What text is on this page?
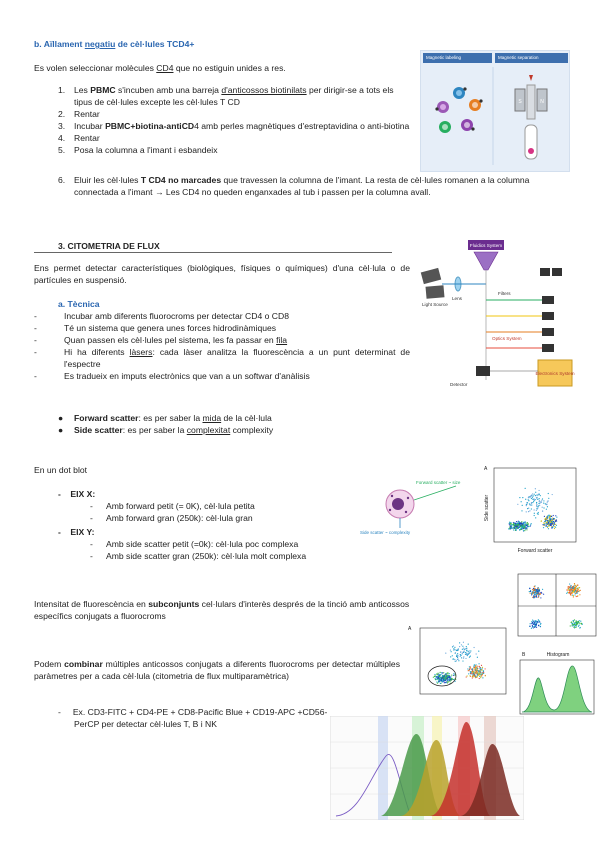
b. Aïllament negatiu de cèl·lules TCD4+
Es volen seleccionar molècules CD4 que no estiguin unides a res.
1. Les PBMC s'incuben amb una barreja d'anticossos biotinilats per dirigir-se a tots els tipus de cèl·lules excepte les cèl·lules T CD
2. Rentar
3. Incubar PBMC+biotina-antiCD4 amb perles magnètiques d'estreptavidina o anti-biotina
4. Rentar
5. Posa la columna a l'imant i esbandeix
6. Eluir les cèl·lules T CD4 no marcades que travessen la columna de l'imant. La resta de cèl·lules romanen a la columna connectada a l'imant → Les CD4 no queden enganxades al tub i passen per la columna avall.
Magnetic labeling	Magnetic separation
S	N
3. CITOMETRIA DE FLUX
Ens permet detectar característiques (biològiques, físiques o químiques) d'una cèl·lula o de partícules en suspensió.
a. Tècnica
-	Incubar amb diferents fluorocroms per detectar CD4 o CD8
-	Té un sistema que genera unes forces hidrodinàmiques
-	Quan passen els cèl·lules pel sistema, les fa passar en fila
-	Hi ha diferents làsers: cada làser analitza la fluorescència a un punt determinat de l'espectre
-	Es tradueix en imputs electrònics que van a un softwar d'anàlisis
● Forward scatter: es per saber la mida de la cèl·lula
● Side scatter: es per saber la complexitat complexity
Fluidics System
Light Source
Lens
Filters
Optics System
Detector
Electronics System
En un dot blot
-    EIX X:
- Amb forward petit (= 0K), cèl·lula petita
- Amb forward gran (250k): cèl·lula gran
-    EIX Y:
- Amb side scatter petit (=0k): cèl·lula poc complexa
- Amb side scatter gran (250k): cèl·lula molt complexa
Forward scatter ~ size
Side scatter ~ complexity
A
Forward scatter
Side scatter
Intensitat de fluorescència en subconjunts cel·lulars d'interès després de la tinció amb anticossos específics conjugats a fluorocroms
Podem combinar múltiples anticossos conjugats a diferents fluorocroms per detectar múltiples paràmetres per a cada cèl·lula (citometria de flux multiparamètrica)
A
B	Histogram
-     Ex. CD3-FITC + CD4-PE + CD8-Pacific Blue + CD19-APC +CD56-PerCP per detectar cèl·lules T, B i NK
